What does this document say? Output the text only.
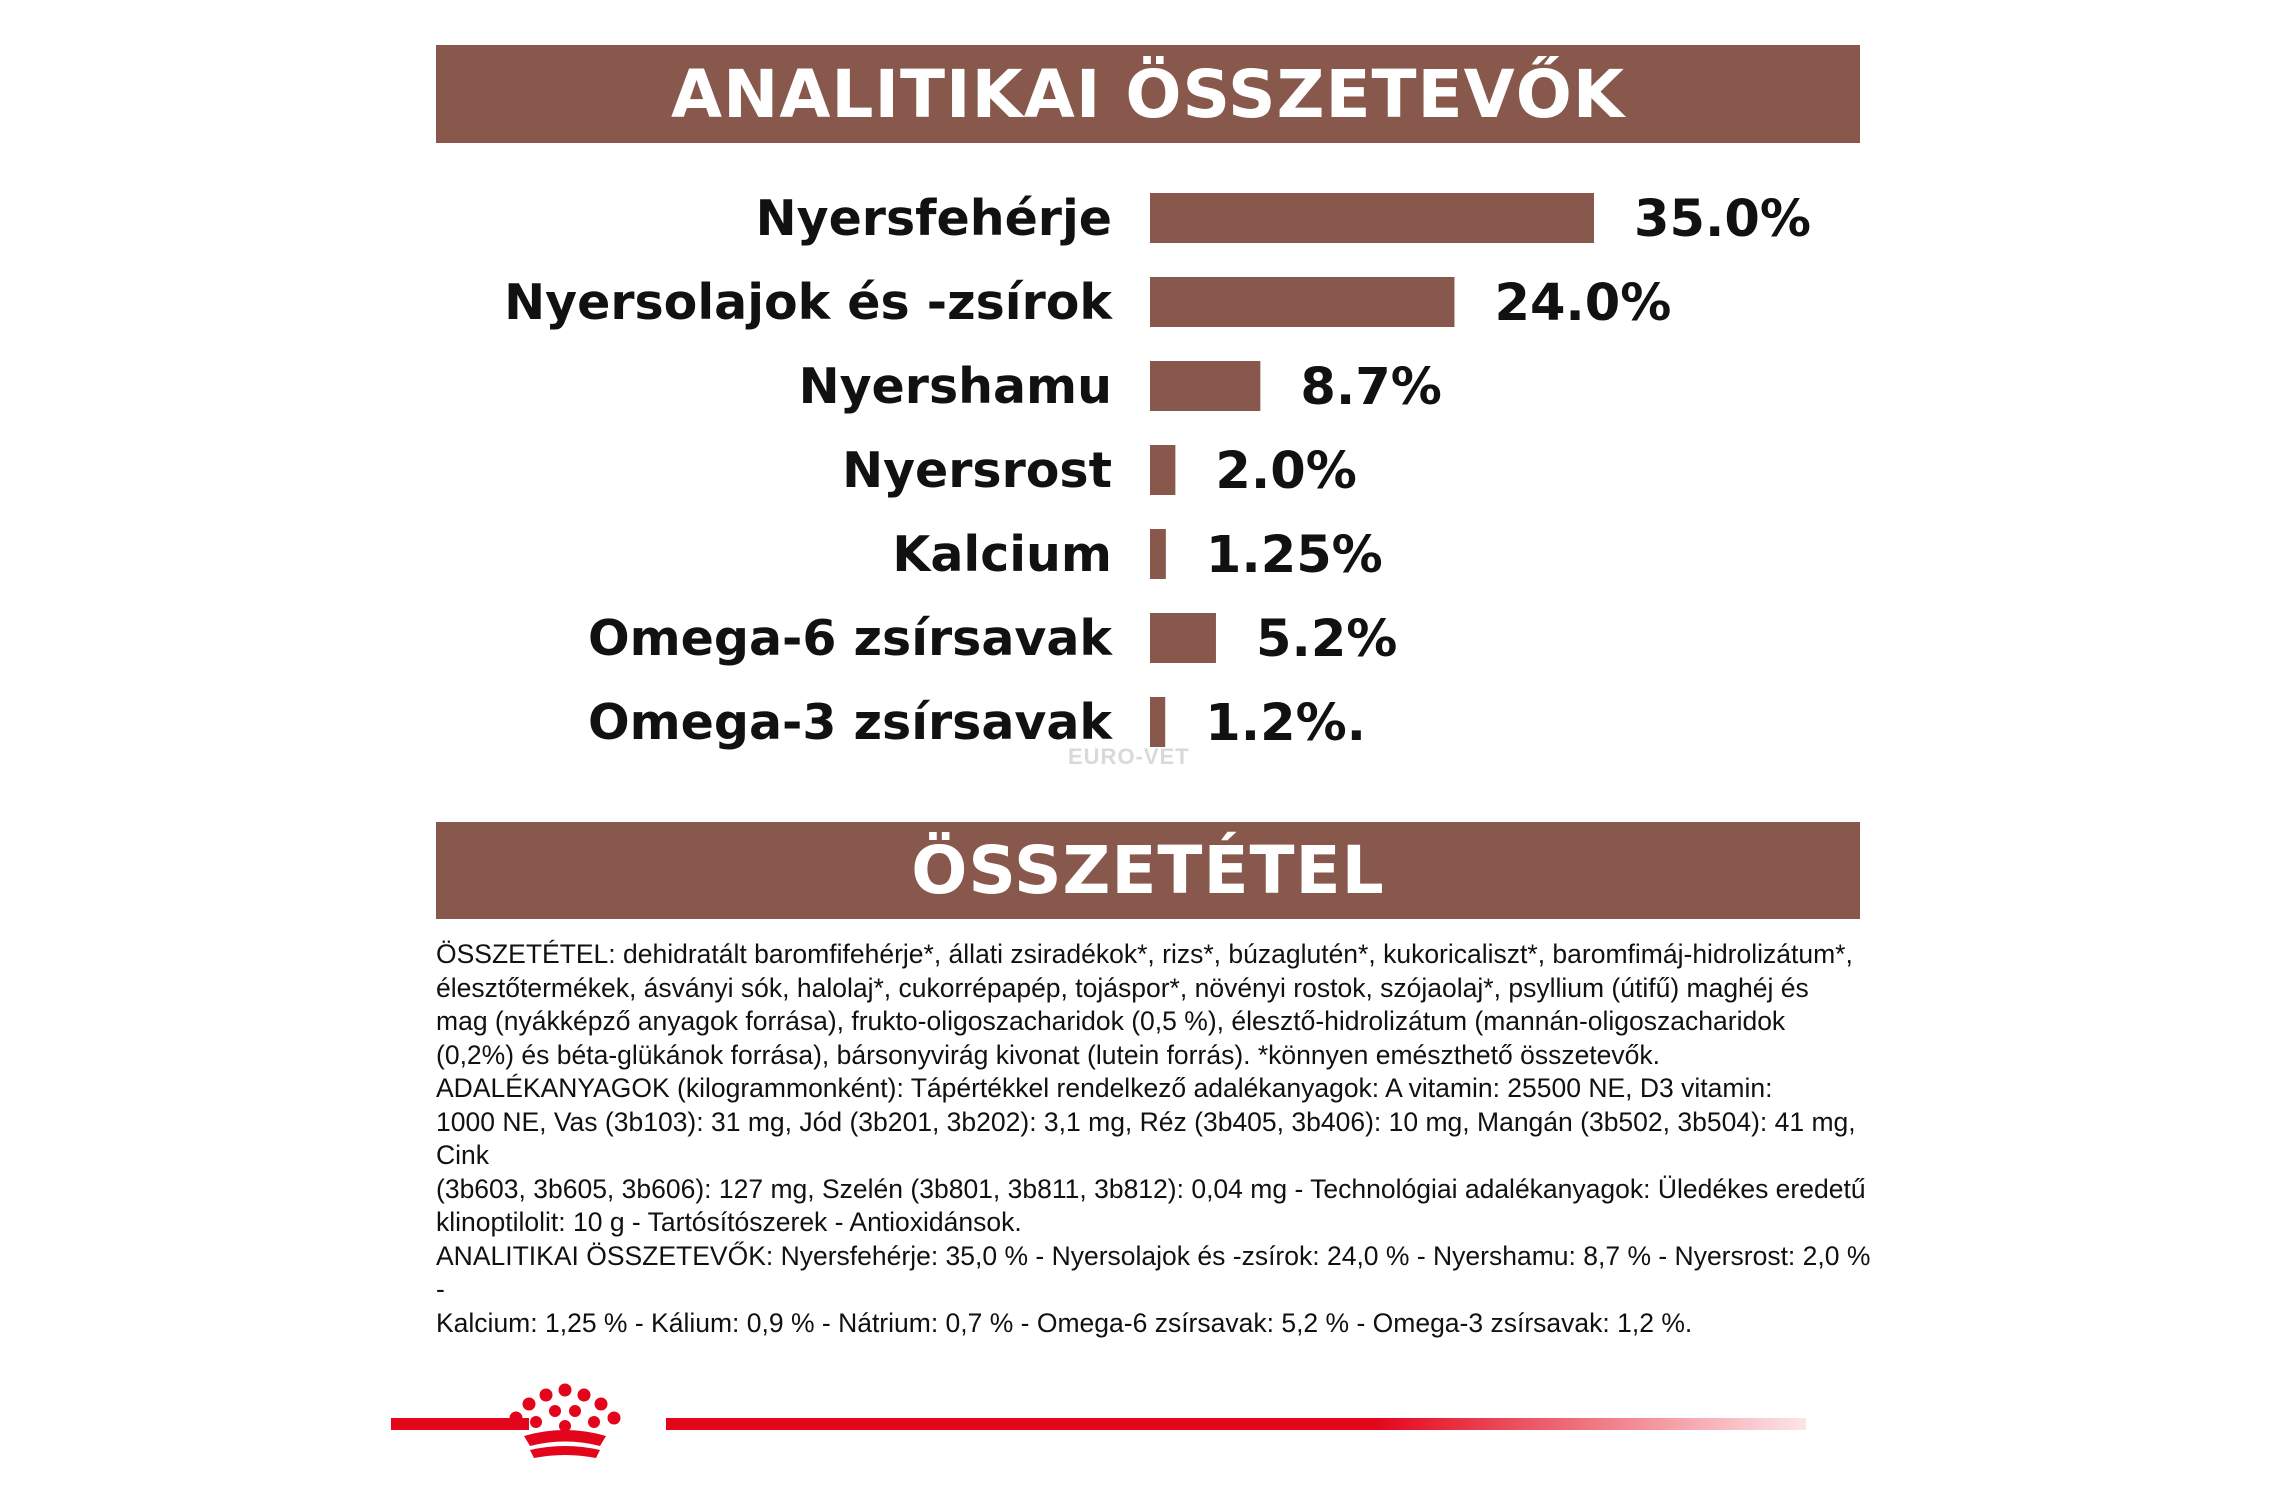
ANALITIKAI ÖSSZETEVŐK
Nyersfehérje	35.0%
Nyersolajok és -zsírok	24.0%
Nyershamu	8.7%
Nyersrost 2.0%
Kalcium 1.25%
Omega-6 zsírsavak	5.2%
Omega-3 zsírsavak 1.2%.
EURO-VET
ÖSSZETÉTEL

ÖSSZETÉTEL: dehidratált baromfifehérje*, állati zsiradékok*, rizs*, búzaglutén*, kukoricaliszt*, baromfimáj-hidrolizátum*,
élesztőtermékek, ásványi sók, halolaj*, cukorrépapép, tojáspor*, növényi rostok, szójaolaj*, psyllium (útifű) maghéj és
mag (nyákképző anyagok forrása), frukto-oligoszacharidok (0,5 %), élesztő-hidrolizátum (mannán-oligoszacharidok
(0,2%) és béta-glükánok forrása), bársonyvirág kivonat (lutein forrás). *könnyen emészthető összetevők.

ADALÉKANYAGOK (kilogrammonként): Tápértékkel rendelkező adalékanyagok: A vitamin: 25500 NE, D3 vitamin:
1000 NE, Vas (3b103): 31 mg, Jód (3b201, 3b202): 3,1 mg, Réz (3b405, 3b406): 10 mg, Mangán (3b502, 3b504): 41 mg, Cink
(3b603, 3b605, 3b606): 127 mg, Szelén (3b801, 3b811, 3b812): 0,04 mg - Technológiai adalékanyagok: Üledékes eredetű
klinoptilolit: 10 g - Tartósítószerek - Antioxidánsok.

ANALITIKAI ÖSSZETEVŐK: Nyersfehérje: 35,0 % - Nyersolajok és -zsírok: 24,0 % - Nyershamu: 8,7 % - Nyersrost: 2,0 % -
Kalcium: 1,25 % - Kálium: 0,9 % - Nátrium: 0,7 % - Omega-6 zsírsavak: 5,2 % - Omega-3 zsírsavak: 1,2 %.
